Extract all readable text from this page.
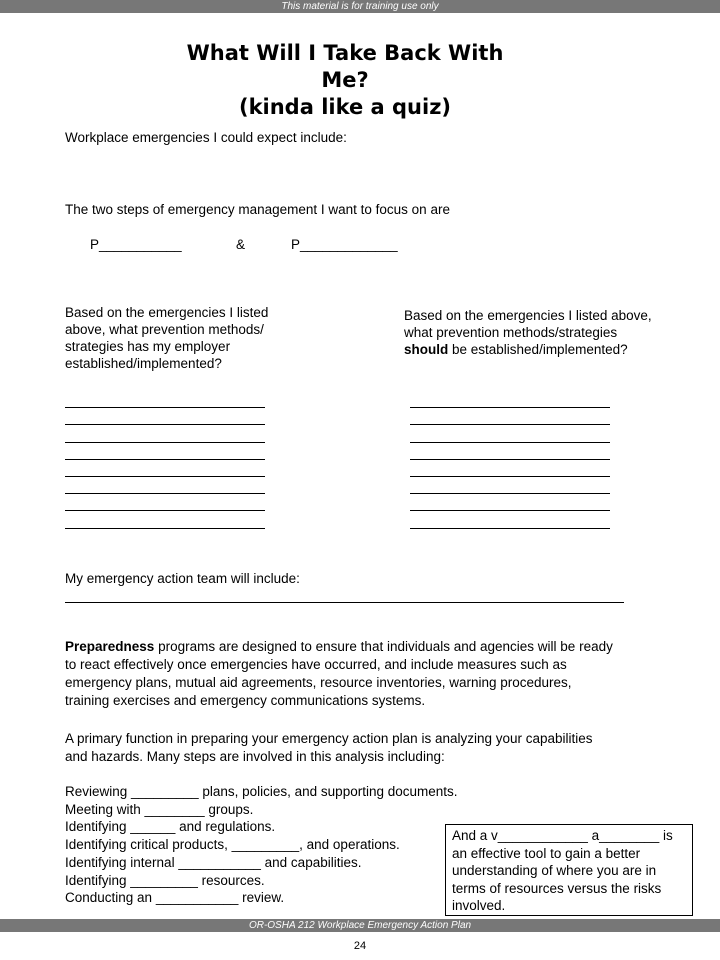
This material is for training use only
What Will I Take Back With
Me?
(kinda like a quiz)
Workplace emergencies I could expect include:
The two steps of emergency management I want to focus on are
P___________	&	P_____________
Based on the emergencies I listed
above, what prevention methods/
strategies has my employer
established/implemented?
Based on the emergencies I listed above,
what prevention methods/strategies
should be established/implemented?
My emergency action team will include:

Preparedness programs are designed to ensure that individuals and agencies will be ready

to react effectively once emergencies have occurred, and include measures such as

emergency plans, mutual aid agreements, resource inventories, warning procedures,

training exercises and emergency communications systems.

A primary function in preparing your emergency action plan is analyzing your capabilities

and hazards. Many steps are involved in this analysis including:

Reviewing _________ plans, policies, and supporting documents.
Meeting with ________ groups.
Identifying ______ and regulations.
Identifying critical products, _________, and operations.
Identifying internal ___________ and capabilities.
Identifying _________ resources.
Conducting an ___________ review.
And a v____________ a________ is
an effective tool to gain a better
understanding of where you are in
terms of resources versus the risks
involved.
OR-OSHA 212 Workplace Emergency Action Plan
24
